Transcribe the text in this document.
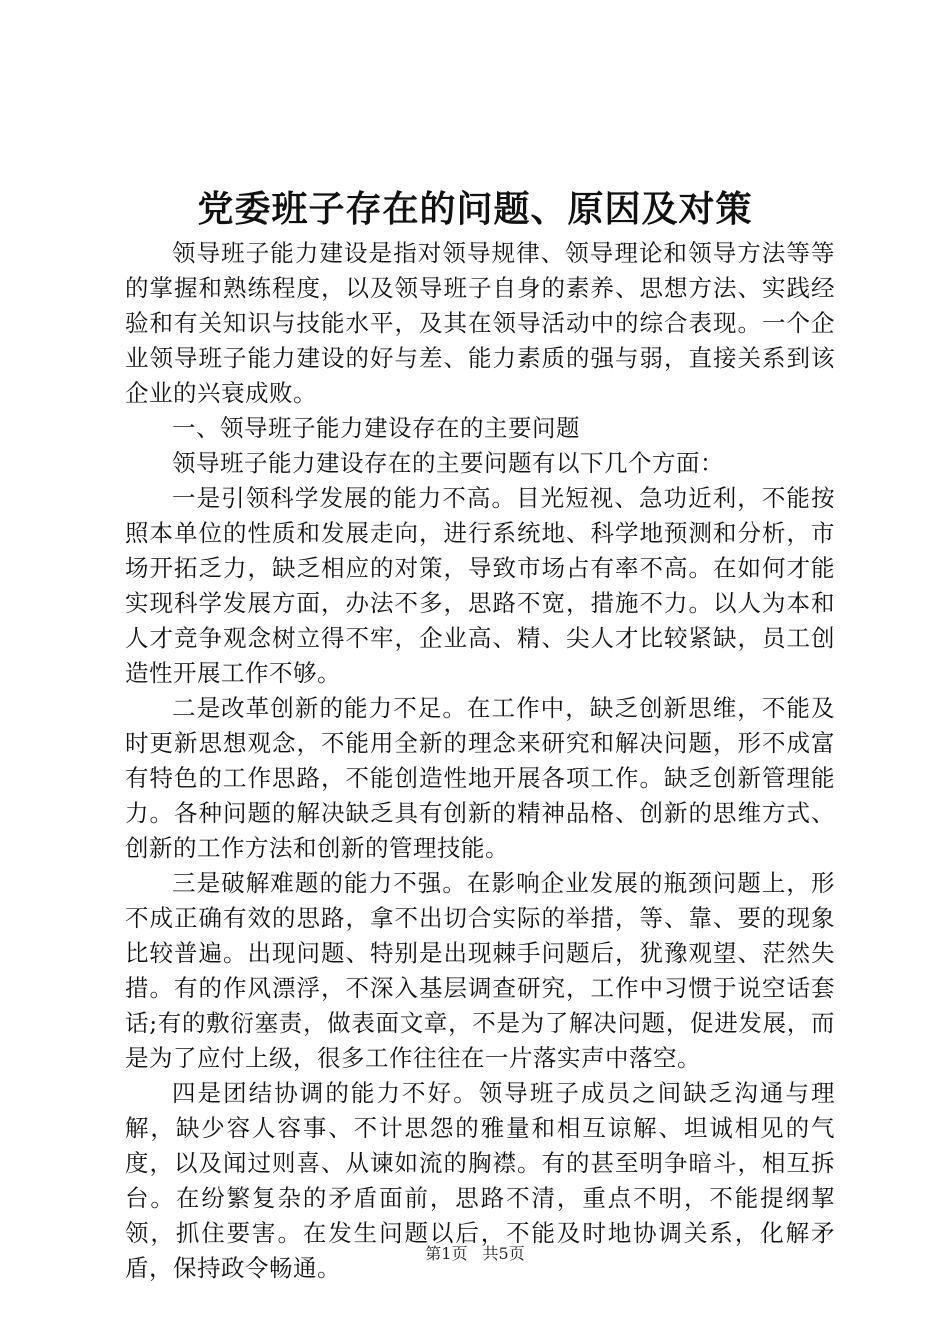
党委班子存在的问题、原因及对策

领导班子能力建设是指对领导规律、领导理论和领导方法等等的掌握和熟练程度，以及领导班子自身的素养、思想方法、实践经验和有关知识与技能水平，及其在领导活动中的综合表现。一个企业领导班子能力建设的好与差、能力素质的强与弱，直接关系到该企业的兴衰成败。

一、领导班子能力建设存在的主要问题

领导班子能力建设存在的主要问题有以下几个方面：

一是引领科学发展的能力不高。目光短视、急功近利，不能按照本单位的性质和发展走向，进行系统地、科学地预测和分析，市场开拓乏力，缺乏相应的对策，导致市场占有率不高。在如何才能实现科学发展方面，办法不多，思路不宽，措施不力。以人为本和人才竞争观念树立得不牢，企业高、精、尖人才比较紧缺，员工创造性开展工作不够。

二是改革创新的能力不足。在工作中，缺乏创新思维，不能及时更新思想观念，不能用全新的理念来研究和解决问题，形不成富有特色的工作思路，不能创造性地开展各项工作。缺乏创新管理能力。各种问题的解决缺乏具有创新的精神品格、创新的思维方式、创新的工作方法和创新的管理技能。

三是破解难题的能力不强。在影响企业发展的瓶颈问题上，形不成正确有效的思路，拿不出切合实际的举措，等、靠、要的现象比较普遍。出现问题、特别是出现棘手问题后，犹豫观望、茫然失措。有的作风漂浮，不深入基层调查研究，工作中习惯于说空话套话;有的敷衍塞责，做表面文章，不是为了解决问题，促进发展，而是为了应付上级，很多工作往往在一片落实声中落空。

四是团结协调的能力不好。领导班子成员之间缺乏沟通与理解，缺少容人容事、不计思怨的雅量和相互谅解、坦诚相见的气度，以及闻过则喜、从谏如流的胸襟。有的甚至明争暗斗，相互拆台。在纷繁复杂的矛盾面前，思路不清，重点不明，不能提纲挈领，抓住要害。在发生问题以后，不能及时地协调关系，化解矛盾，保持政令畅通。

第1页 共5页
